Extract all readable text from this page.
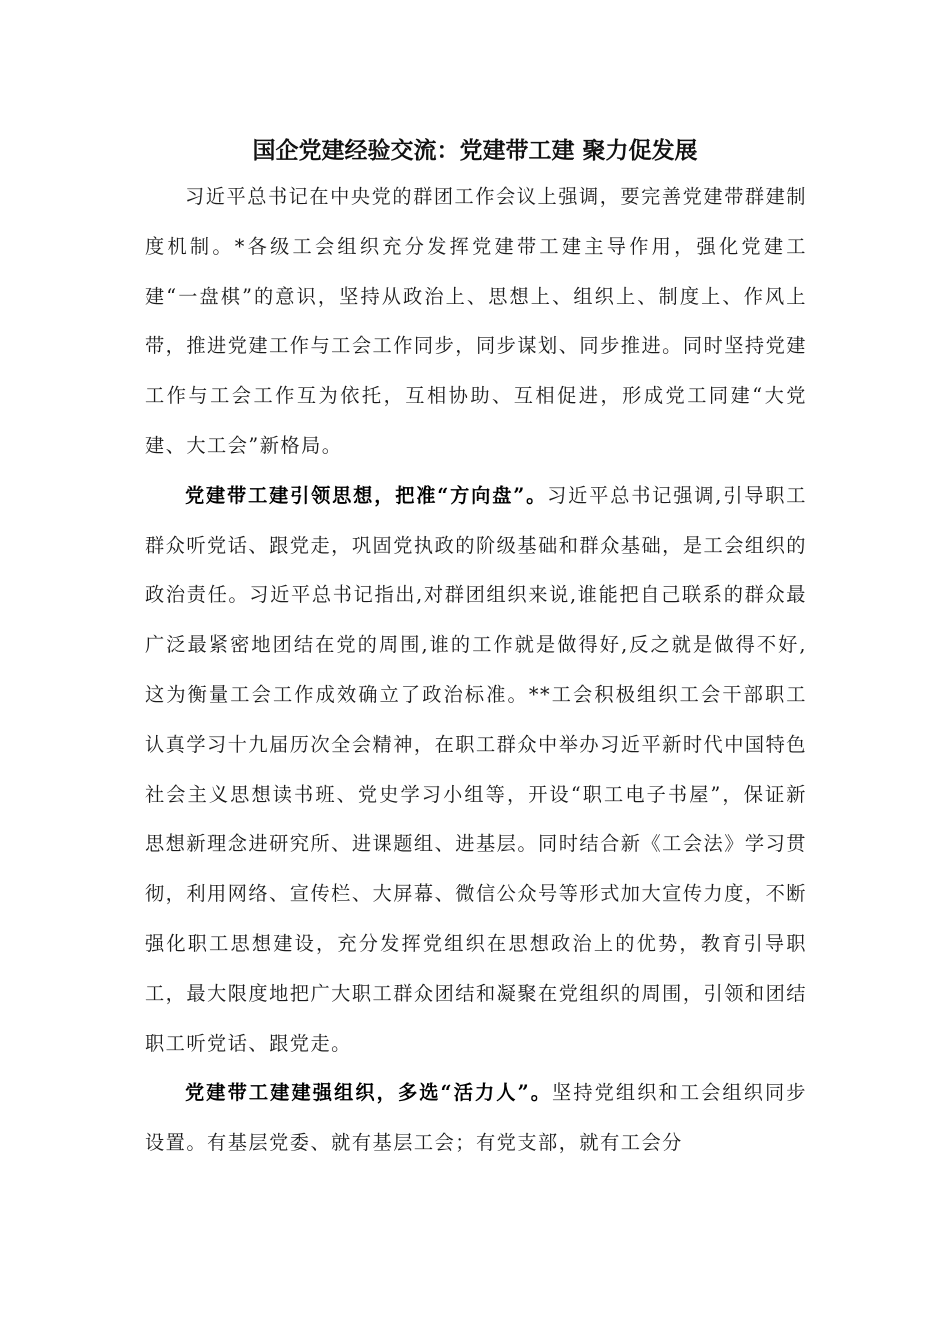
国企党建经验交流：党建带工建 聚力促发展

习近平总书记在中央党的群团工作会议上强调，要完善党建带群建制度机制。*各级工会组织充分发挥党建带工建主导作用，强化党建工建“一盘棋”的意识，坚持从政治上、思想上、组织上、制度上、作风上带，推进党建工作与工会工作同步，同步谋划、同步推进。同时坚持党建工作与工会工作互为依托，互相协助、互相促进，形成党工同建“大党建、大工会”新格局。

党建带工建引领思想，把准“方向盘”。习近平总书记强调,引导职工群众听党话、跟党走，巩固党执政的阶级基础和群众基础，是工会组织的政治责任。习近平总书记指出,对群团组织来说,谁能把自己联系的群众最广泛最紧密地团结在党的周围,谁的工作就是做得好,反之就是做得不好,这为衡量工会工作成效确立了政治标准。**工会积极组织工会干部职工认真学习十九届历次全会精神，在职工群众中举办习近平新时代中国特色社会主义思想读书班、党史学习小组等，开设“职工电子书屋”，保证新思想新理念进研究所、进课题组、进基层。同时结合新《工会法》学习贯彻，利用网络、宣传栏、大屏幕、微信公众号等形式加大宣传力度，不断强化职工思想建设，充分发挥党组织在思想政治上的优势，教育引导职工，最大限度地把广大职工群众团结和凝聚在党组织的周围，引领和团结职工听党话、跟党走。

党建带工建建强组织，多选“活力人”。坚持党组织和工会组织同步设置。有基层党委、就有基层工会；有党支部，就有工会分
